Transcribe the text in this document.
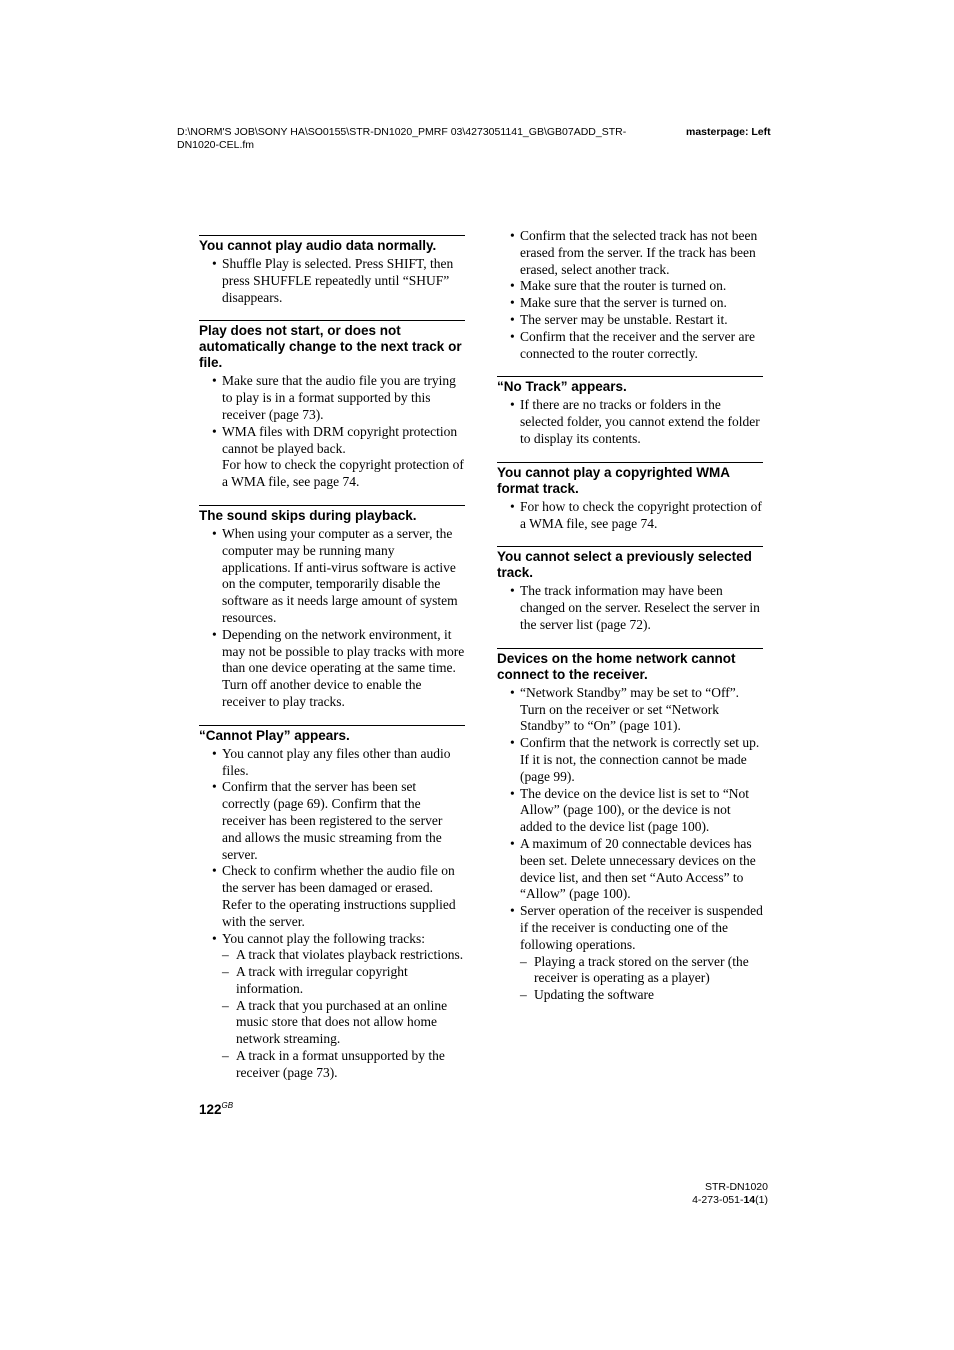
D:\NORM'S JOB\SONY HA\SO0155\STR-DN1020_PMRF 03\4273051141_GB\GB07ADD_STR-DN1020-CEL.fm
masterpage: Left
You cannot play audio data normally.
• Shuffle Play is selected. Press SHIFT, then press SHUFFLE repeatedly until “SHUF” disappears.
Play does not start, or does not automatically change to the next track or file.
• Make sure that the audio file you are trying to play is in a format supported by this receiver (page 73).
• WMA files with DRM copyright protection cannot be played back.
For how to check the copyright protection of a WMA file, see page 74.
The sound skips during playback.
• When using your computer as a server, the computer may be running many applications. If anti-virus software is active on the computer, temporarily disable the software as it needs large amount of system resources.
• Depending on the network environment, it may not be possible to play tracks with more than one device operating at the same time. Turn off another device to enable the receiver to play tracks.
“Cannot Play” appears.
• You cannot play any files other than audio files.
• Confirm that the server has been set correctly (page 69). Confirm that the receiver has been registered to the server and allows the music streaming from the server.
• Check to confirm whether the audio file on the server has been damaged or erased. Refer to the operating instructions supplied with the server.
• You cannot play the following tracks:
– A track that violates playback restrictions.
– A track with irregular copyright information.
– A track that you purchased at an online music store that does not allow home network streaming.
– A track in a format unsupported by the receiver (page 73).
• Confirm that the selected track has not been erased from the server. If the track has been erased, select another track.
• Make sure that the router is turned on.
• Make sure that the server is turned on.
• The server may be unstable. Restart it.
• Confirm that the receiver and the server are connected to the router correctly.
“No Track” appears.
• If there are no tracks or folders in the selected folder, you cannot extend the folder to display its contents.
You cannot play a copyrighted WMA format track.
• For how to check the copyright protection of a WMA file, see page 74.
You cannot select a previously selected track.
• The track information may have been changed on the server. Reselect the server in the server list (page 72).
Devices on the home network cannot connect to the receiver.
• “Network Standby” may be set to “Off”. Turn on the receiver or set “Network Standby” to “On” (page 101).
• Confirm that the network is correctly set up. If it is not, the connection cannot be made (page 99).
• The device on the device list is set to “Not Allow” (page 100), or the device is not added to the device list (page 100).
• A maximum of 20 connectable devices has been set. Delete unnecessary devices on the device list, and then set “Auto Access” to “Allow” (page 100).
• Server operation of the receiver is suspended if the receiver is conducting one of the following operations.
– Playing a track stored on the server (the receiver is operating as a player)
– Updating the software
$122^{GB}$
STR-DN1020
4-273-051-14(1)
